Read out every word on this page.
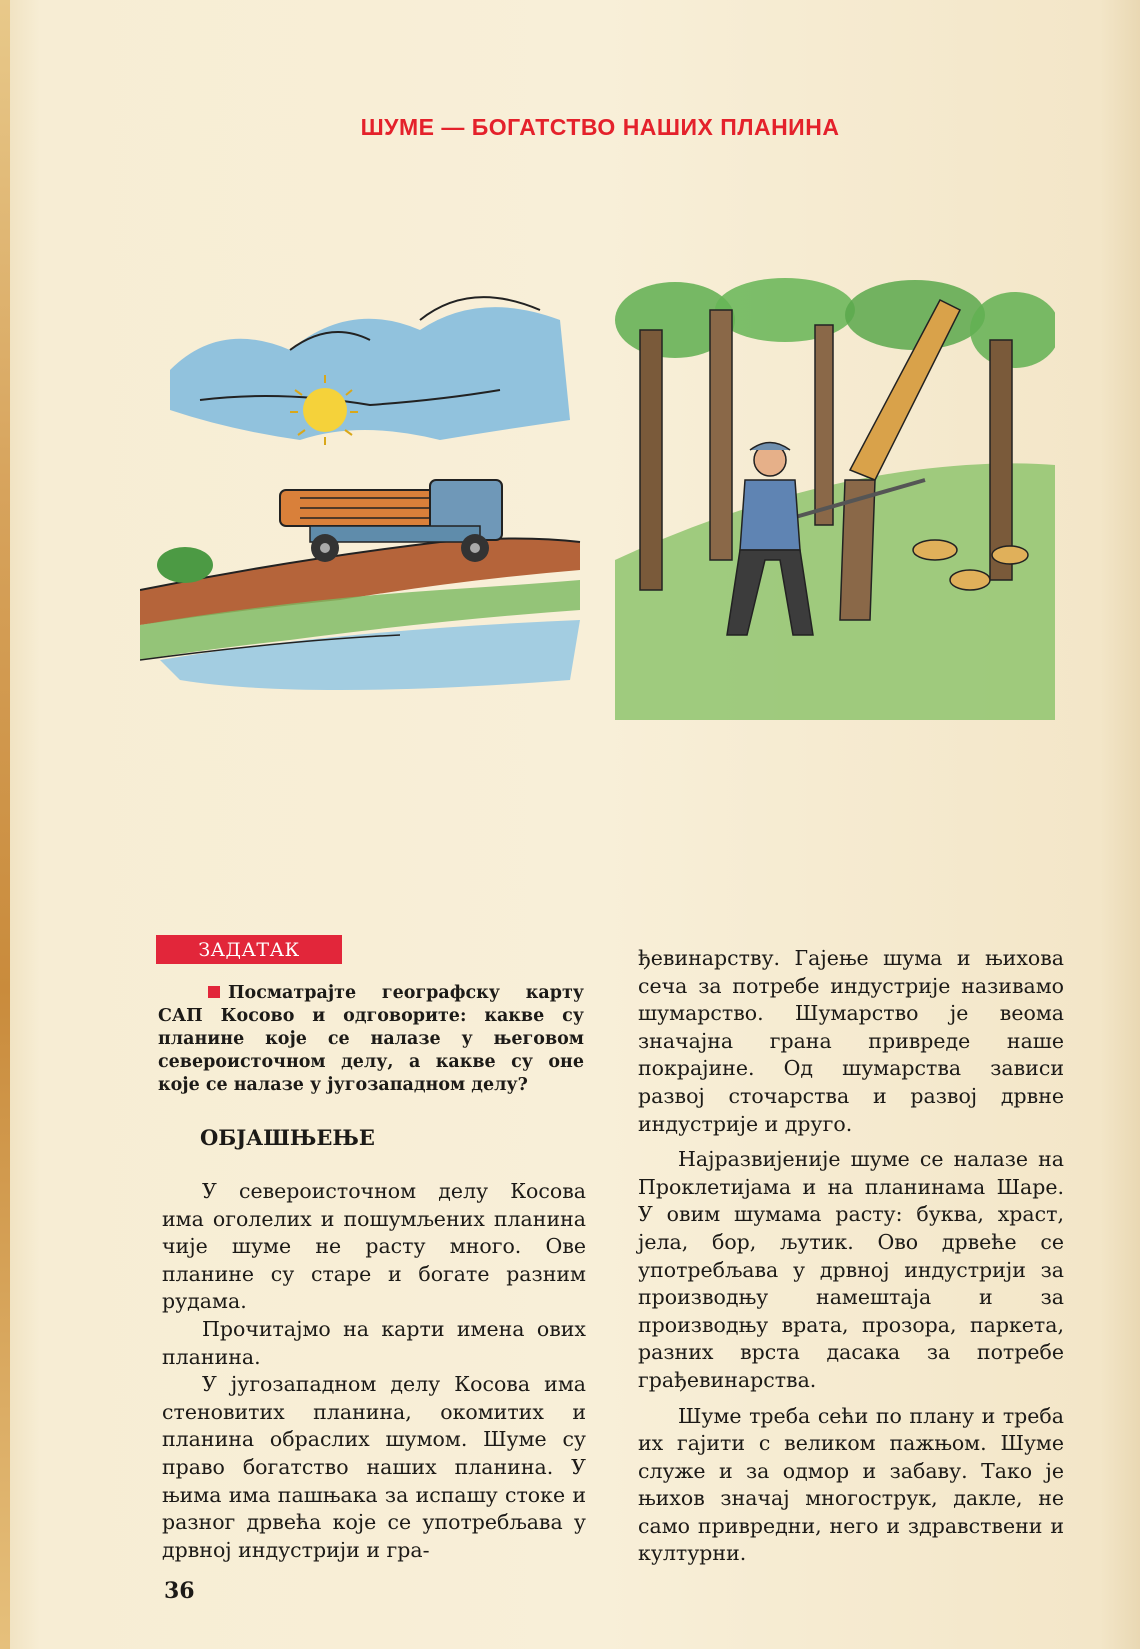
ШУМЕ — БОГАТСТВО НАШИХ ПЛАНИНА
ЗАДАТАК
Посматрајте географску карту САП Косово и одговорите: какве су планине које се налазе у његовом североисточном делу, а какве су оне које се налазе у југозападном делу?
ОБЈАШЊЕЊЕ

У североисточном делу Косова има оголелих и пошумљених планина чије шуме не расту много. Ове планине су старе и богате разним рудама.

Прочитајмо на карти имена ових планина.

У југозападном делу Косова има стеновитих планина, окомитих и планина обраслих шумом. Шуме су право богатство наших планина. У њима има пашњака за испашу стоке и разног дрвећа које се употребљава у дрвној индустрији и гра-

ђевинарству. Гајење шума и њихова сеча за потребе индустрије називамо шумарство. Шумарство је веома значајна грана привреде наше покрајине. Од шумарства зависи развој сточарства и развој дрвне индустрије и друго.

Најразвијеније шуме се налазе на Проклетијама и на планинама Шаре. У овим шумама расту: буква, храст, јела, бор, љутик. Ово дрвеће се употребљава у дрвној индустрији за производњу намештаја и за производњу врата, прозора, паркета, разних врста дасака за потребе грађевинарства.

Шуме треба сећи по плану и треба их гајити с великом пажњом. Шуме служе и за одмор и забаву. Тако је њихов значај многострук, дакле, не само привредни, него и здравствени и културни.

36
